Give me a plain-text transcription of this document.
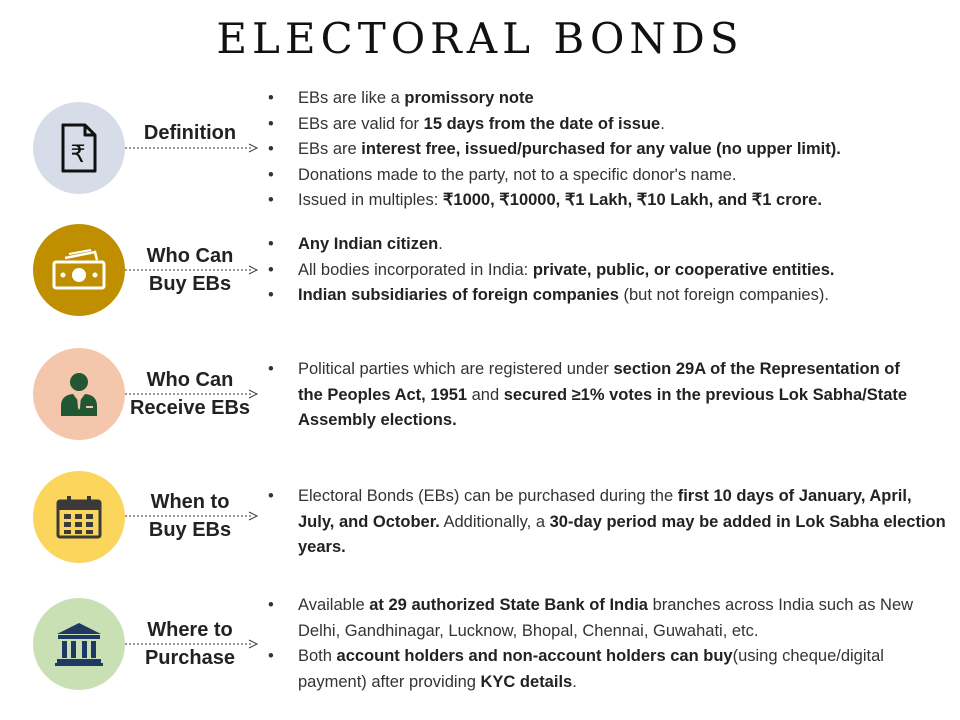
ELECTORAL BONDS
₹
Definition
• EBs are like a promissory note
• EBs are valid for 15 days from the date of issue.
• EBs are interest free, issued/purchased for any value (no upper limit).
• Donations made to the party, not to a specific donor's name.
• Issued in multiples: ₹1000, ₹10000, ₹1 Lakh, ₹10 Lakh, and ₹1 crore.
Who Can
Buy EBs
• Any Indian citizen.
• All bodies incorporated in India: private, public, or cooperative entities.
• Indian subsidiaries of foreign companies (but not foreign companies).
Who Can
Receive EBs
• Political parties which are registered under section 29A of the Representation of the Peoples Act, 1951 and secured ≥1% votes in the previous Lok Sabha/State Assembly elections.
When to
Buy EBs
• Electoral Bonds (EBs) can be purchased during the first 10 days of January, April, July, and October. Additionally, a 30-day period may be added in Lok Sabha election years.
Where to
Purchase
• Available at 29 authorized State Bank of India branches across India such as New Delhi, Gandhinagar, Lucknow, Bhopal, Chennai, Guwahati, etc.
• Both account holders and non-account holders can buy(using cheque/digital payment) after providing KYC details.
